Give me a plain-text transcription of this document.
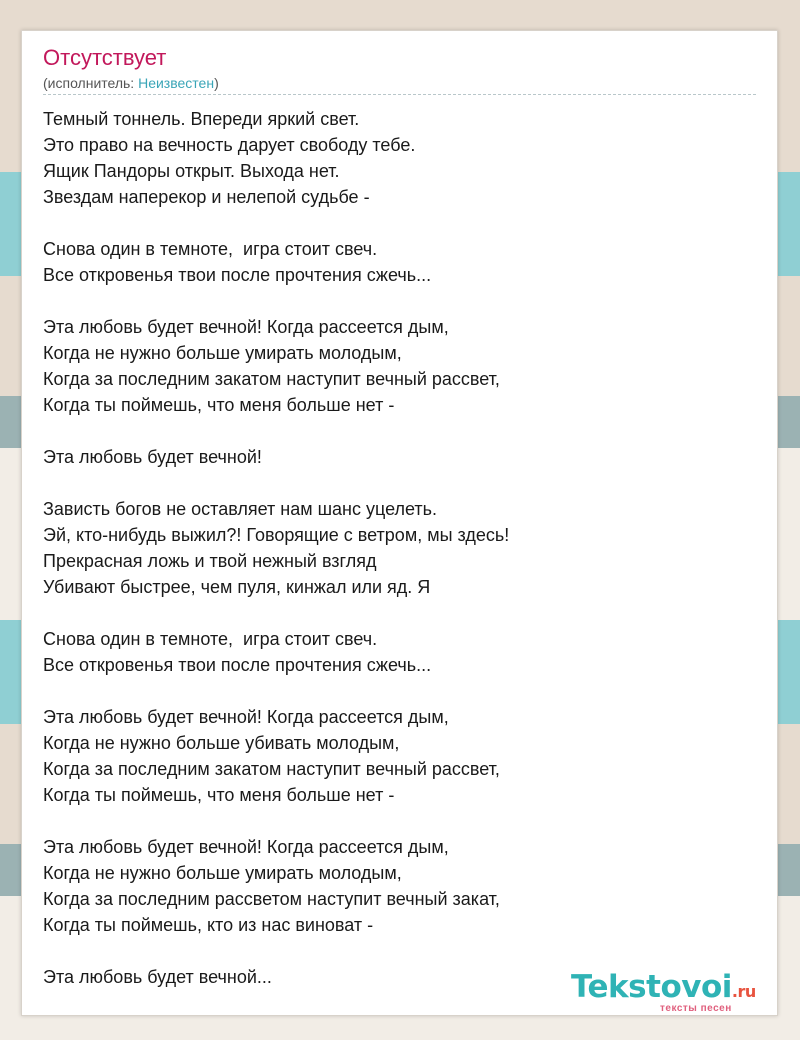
Отсутствует
(исполнитель: Неизвестен)
Темный тоннель. Впереди яркий свет.
Это право на вечность дарует свободу тебе.
Ящик Пандоры открыт. Выхода нет.
Звездам наперекор и нелепой судьбе -
Снова один в темноте,  игра стоит свеч.
Все откровенья твои после прочтения сжечь...
Эта любовь будет вечной! Когда рассеется дым,
Когда не нужно больше умирать молодым,
Когда за последним закатом наступит вечный рассвет,
Когда ты поймешь, что меня больше нет -
Эта любовь будет вечной!
Зависть богов не оставляет нам шанс уцелеть.
Эй, кто-нибудь выжил?! Говорящие с ветром, мы здесь!
Прекрасная ложь и твой нежный взгляд
Убивают быстрее, чем пуля, кинжал или яд. Я
Снова один в темноте,  игра стоит свеч.
Все откровенья твои после прочтения сжечь...
Эта любовь будет вечной! Когда рассеется дым,
Когда не нужно больше убивать молодым,
Когда за последним закатом наступит вечный рассвет,
Когда ты поймешь, что меня больше нет -
Эта любовь будет вечной! Когда рассеется дым,
Когда не нужно больше умирать молодым,
Когда за последним рассветом наступит вечный закат,
Когда ты поймешь, кто из нас виноват -
Эта любовь будет вечной...	Tekstovoi.ru
тексты песен
